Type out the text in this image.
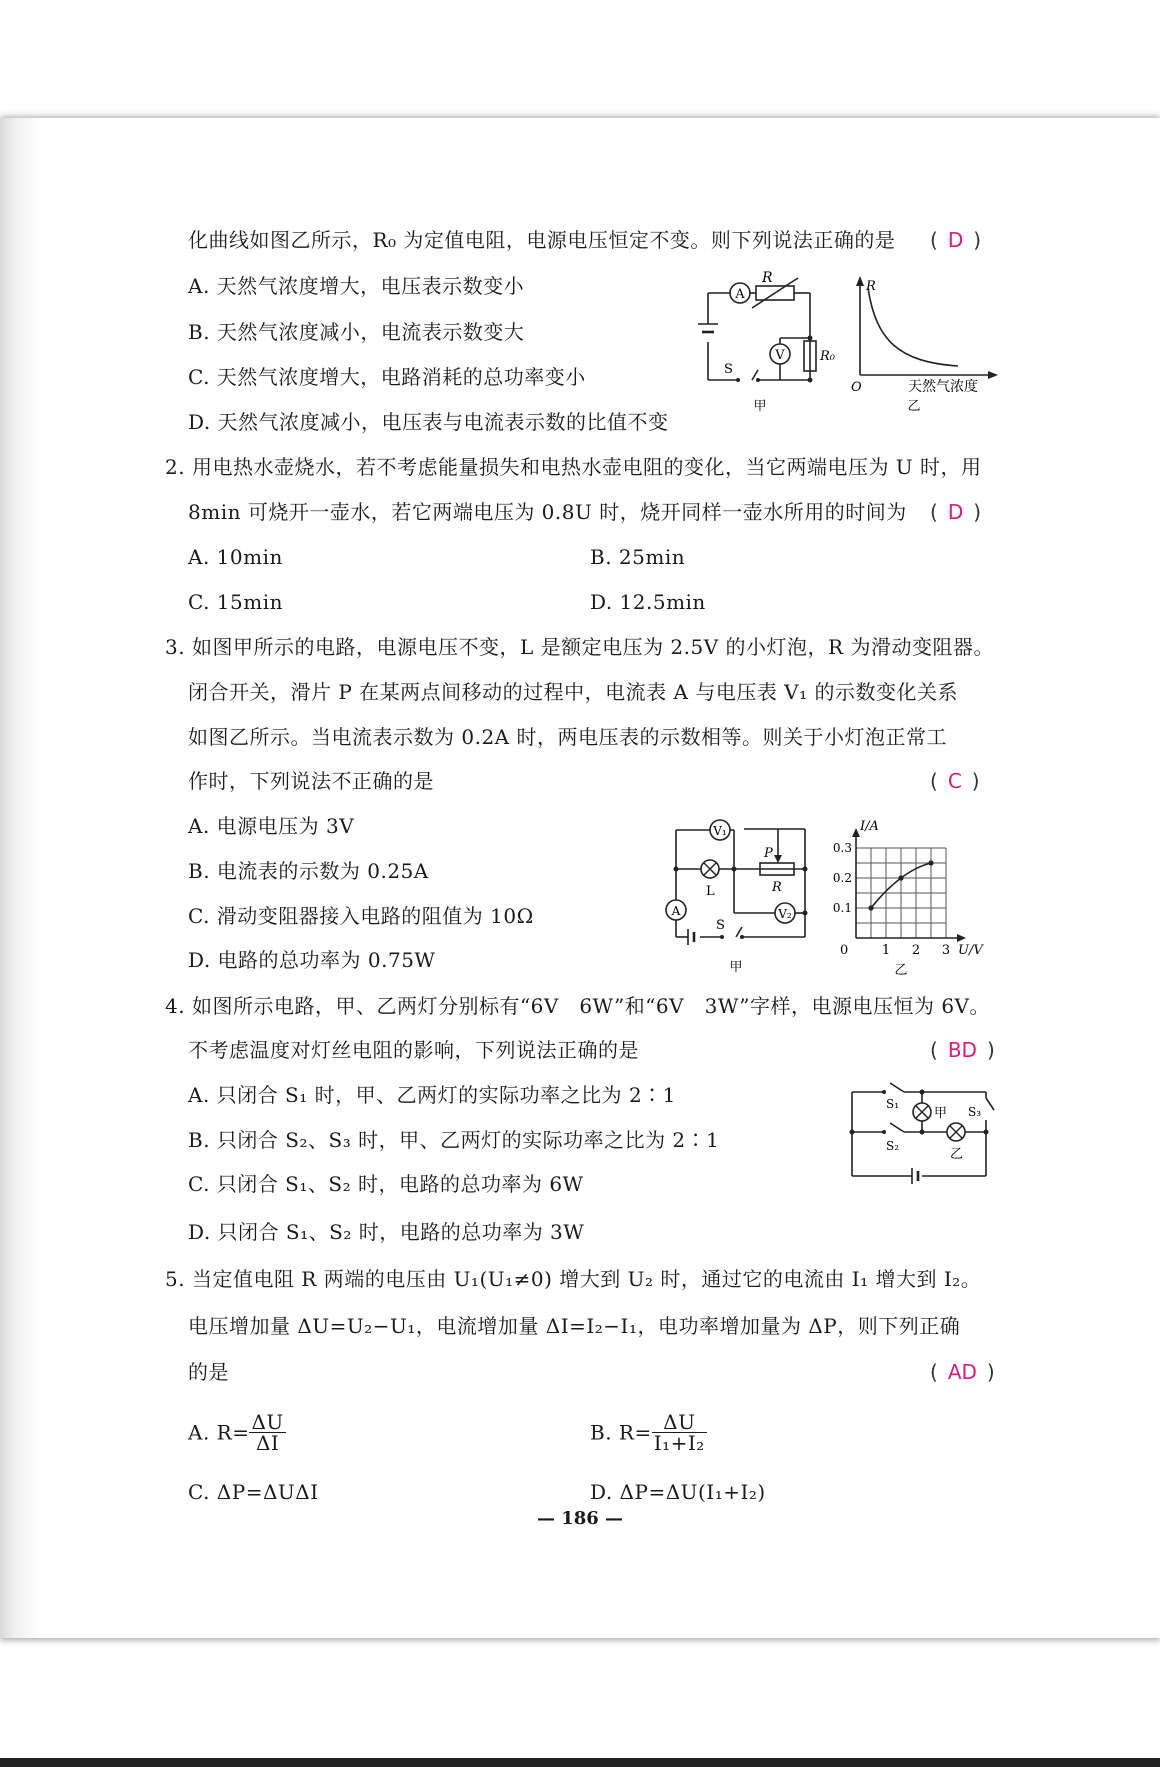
化曲线如图乙所示，R₀ 为定值电阻，电源电压恒定不变。则下列说法正确的是 ( D )
A. 天然气浓度增大，电压表示数变小
B. 天然气浓度减小，电流表示数变大
C. 天然气浓度增大，电路消耗的总功率变小
D. 天然气浓度减小，电压表与电流表示数的比值不变
A
V
R
R₀
S
甲
R
O	天然气浓度
乙
2. 用电热水壶烧水，若不考虑能量损失和电热水壶电阻的变化，当它两端电压为 U 时，用
8min 可烧开一壶水，若它两端电压为 0.8U 时，烧开同样一壶水所用的时间为 ( D )
A. 10min	B. 25min
C. 15min	D. 12.5min
3. 如图甲所示的电路，电源电压不变，L 是额定电压为 2.5V 的小灯泡，R 为滑动变阻器。
闭合开关，滑片 P 在某两点间移动的过程中，电流表 A 与电压表 V₁ 的示数变化关系
如图乙所示。当电流表示数为 0.2A 时，两电压表的示数相等。则关于小灯泡正常工
作时，下列说法不正确的是	( C )
A. 电源电压为 3V
B. 电流表的示数为 0.25A
C. 滑动变阻器接入电路的阻值为 10Ω
D. 电路的总功率为 0.75W
V₁
V₂
A
L
P
R
S
甲
1 2 3
0.1
0.2
0.3
I/A
U/V
0
乙
4. 如图所示电路，甲、乙两灯分别标有“6V　6W”和“6V　3W”字样，电源电压恒为 6V。
不考虑温度对灯丝电阻的影响，下列说法正确的是	( BD )
A. 只闭合 S₁ 时，甲、乙两灯的实际功率之比为 2∶1
B. 只闭合 S₂、S₃ 时，甲、乙两灯的实际功率之比为 2∶1
C. 只闭合 S₁、S₂ 时，电路的总功率为 6W
D. 只闭合 S₁、S₂ 时，电路的总功率为 3W
S₁
S₂
S₃
甲
乙
5. 当定值电阻 R 两端的电压由 U₁(U₁≠0) 增大到 U₂ 时，通过它的电流由 I₁ 增大到 I₂。
电压增加量 ΔU=U₂−U₁，电流增加量 ΔI=I₂−I₁，电功率增加量为 ΔP，则下列正确
的是	( AD )
A. $R= \frac{\Delta U}{\Delta I}$	B. $R= \frac{\Delta U}{\text{I₁+I₂}}$
C. ΔP=ΔUΔI	D. ΔP=ΔU(I₁+I₂)
— 186 —
